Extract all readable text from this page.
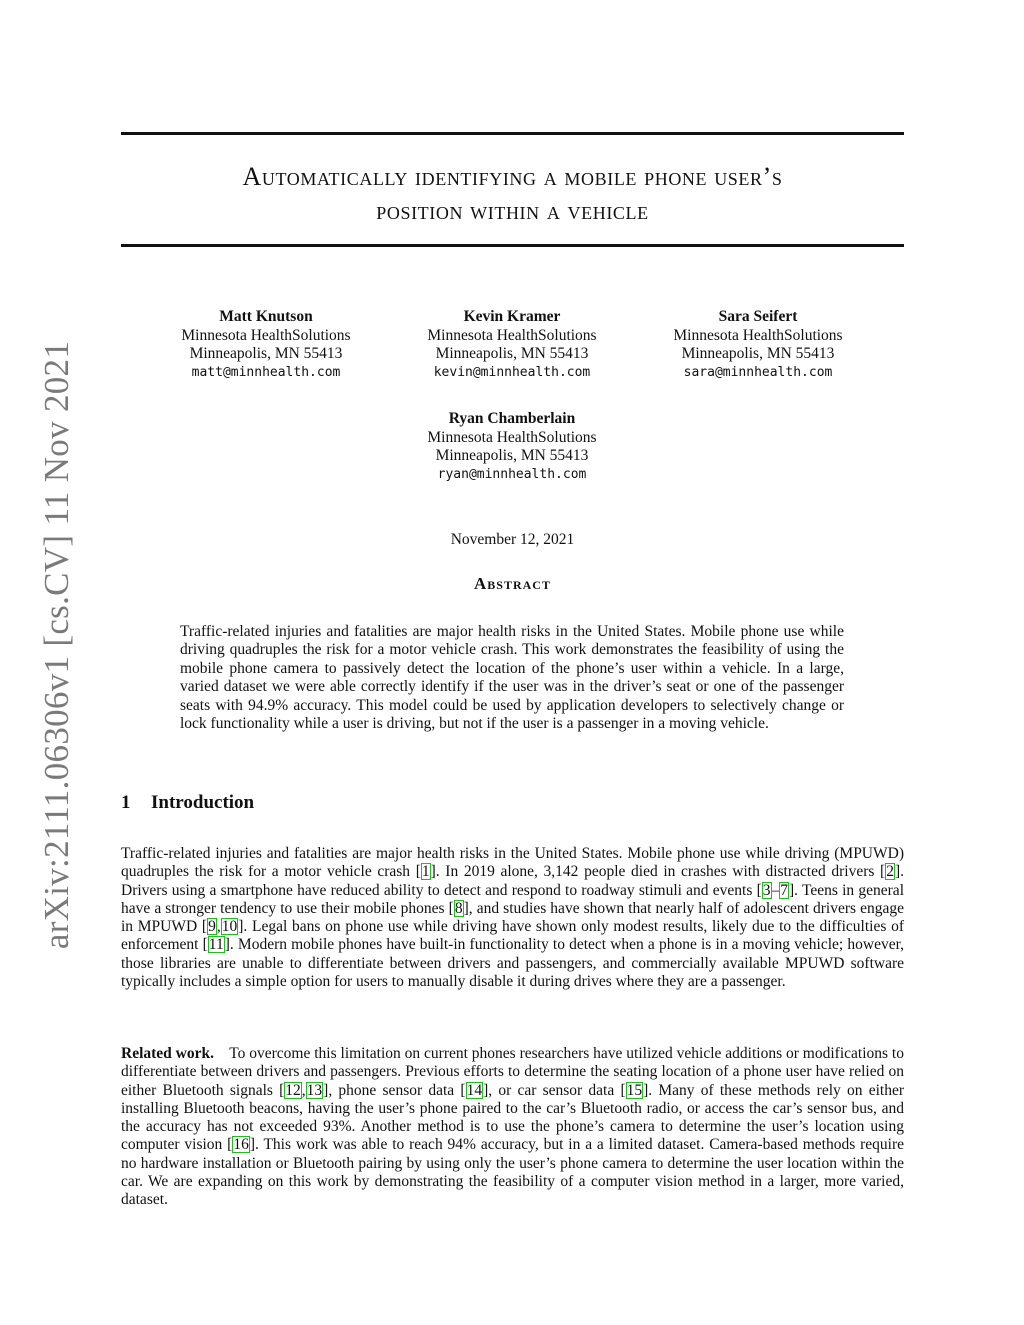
arXiv:2111.06306v1 [cs.CV] 11 Nov 2021
Automatically identifying a mobile phone user’s
position within a vehicle
Matt Knutson
Minnesota HealthSolutions
Minneapolis, MN 55413
matt@minnhealth.com
Kevin Kramer
Minnesota HealthSolutions
Minneapolis, MN 55413
kevin@minnhealth.com
Sara Seifert
Minnesota HealthSolutions
Minneapolis, MN 55413
sara@minnhealth.com
Ryan Chamberlain
Minnesota HealthSolutions
Minneapolis, MN 55413
ryan@minnhealth.com
November 12, 2021
Abstract
Traffic-related injuries and fatalities are major health risks in the United States. Mobile phone use while driving quadruples the risk for a motor vehicle crash. This work demonstrates the feasibility of using the mobile phone camera to passively detect the location of the phone’s user within a vehicle. In a large, varied dataset we were able correctly identify if the user was in the driver’s seat or one of the passenger seats with 94.9% accuracy. This model could be used by application developers to selectively change or lock functionality while a user is driving, but not if the user is a passenger in a moving vehicle.
1 Introduction
Traffic-related injuries and fatalities are major health risks in the United States. Mobile phone use while driving (MPUWD) quadruples the risk for a motor vehicle crash [1]. In 2019 alone, 3,142 people died in crashes with distracted drivers [2]. Drivers using a smartphone have reduced ability to detect and respond to roadway stimuli and events [3–7]. Teens in general have a stronger tendency to use their mobile phones [8], and studies have shown that nearly half of adolescent drivers engage in MPUWD [9,10]. Legal bans on phone use while driving have shown only modest results, likely due to the difficulties of enforcement [11]. Modern mobile phones have built-in functionality to detect when a phone is in a moving vehicle; however, those libraries are unable to differentiate between drivers and passengers, and commercially available MPUWD software typically includes a simple option for users to manually disable it during drives where they are a passenger.
Related work. To overcome this limitation on current phones researchers have utilized vehicle additions or modifications to differentiate between drivers and passengers. Previous efforts to determine the seating location of a phone user have relied on either Bluetooth signals [12,13], phone sensor data [14], or car sensor data [15]. Many of these methods rely on either installing Bluetooth beacons, having the user’s phone paired to the car’s Bluetooth radio, or access the car’s sensor bus, and the accuracy has not exceeded 93%. Another method is to use the phone’s camera to determine the user’s location using computer vision [16]. This work was able to reach 94% accuracy, but in a a limited dataset. Camera-based methods require no hardware installation or Bluetooth pairing by using only the user’s phone camera to determine the user location within the car. We are expanding on this work by demonstrating the feasibility of a computer vision method in a larger, more varied, dataset.
